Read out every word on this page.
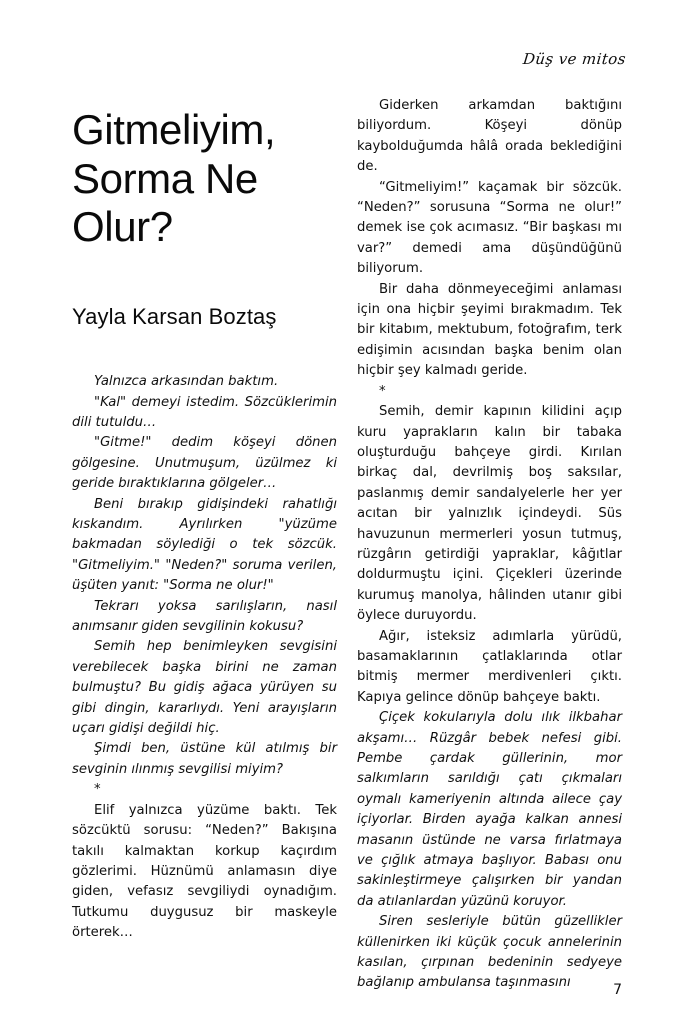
Düş ve mitos
Gitmeliyim,
Sorma Ne
Olur?
Yayla Karsan Boztaş

Yalnızca arkasından baktım.

"Kal" demeyi istedim. Sözcüklerimin dili tutuldu…

"Gitme!" dedim köşeyi dönen gölgesine. Unutmuşum, üzülmez ki geride bıraktıklarına gölgeler…

Beni bırakıp gidişindeki rahatlığı kıskandım. Ayrılırken "yüzüme bakmadan söylediği o tek sözcük. "Gitmeliyim." "Neden?" soruma verilen, üşüten yanıt: "Sorma ne olur!"

Tekrarı yoksa sarılışların, nasıl anımsanır giden sevgilinin kokusu?

Semih hep benimleyken sevgisini verebilecek başka birini ne zaman bulmuştu? Bu gidiş ağaca yürüyen su gibi dingin, kararlıydı. Yeni arayışların uçarı gidişi değildi hiç.

Şimdi ben, üstüne kül atılmış bir sevginin ılınmış sevgilisi miyim?

*

Elif yalnızca yüzüme baktı. Tek sözcüktü sorusu: “Neden?” Bakışına takılı kalmaktan korkup kaçırdım gözlerimi. Hüznümü anlamasın diye giden, vefasız sevgiliydi oynadığım. Tutkumu duygusuz bir maskeyle örterek…

Giderken arkamdan baktığını biliyordum. Köşeyi dönüp kaybolduğumda hâlâ orada beklediğini de.

“Gitmeliyim!” kaçamak bir sözcük. “Neden?” sorusuna “Sorma ne olur!” demek ise çok acımasız. “Bir başkası mı var?” demedi ama düşündüğünü biliyorum.

Bir daha dönmeyeceğimi anlaması için ona hiçbir şeyimi bırakmadım. Tek bir kitabım, mektubum, fotoğrafım, terk edişimin acısından başka benim olan hiçbir şey kalmadı geride.

*

Semih, demir kapının kilidini açıp kuru yaprakların kalın bir tabaka oluşturduğu bahçeye girdi. Kırılan birkaç dal, devrilmiş boş saksılar, paslanmış demir sandalyelerle her yer acıtan bir yalnızlık içindeydi. Süs havuzunun mermerleri yosun tutmuş, rüzgârın getirdiği yapraklar, kâğıtlar doldurmuştu içini. Çiçekleri üzerinde kurumuş manolya, hâlinden utanır gibi öylece duruyordu.

Ağır, isteksiz adımlarla yürüdü, basamaklarının çatlaklarında otlar bitmiş mermer merdivenleri çıktı. Kapıya gelince dönüp bahçeye baktı.

Çiçek kokularıyla dolu ılık ilkbahar akşamı… Rüzgâr bebek nefesi gibi. Pembe çardak güllerinin, mor salkımların sarıldığı çatı çıkmaları oymalı kameriyenin altında ailece çay içiyorlar. Birden ayağa kalkan annesi masanın üstünde ne varsa fırlatmaya ve çığlık atmaya başlıyor. Babası onu sakinleştirmeye çalışırken bir yandan da atılanlardan yüzünü koruyor.

Siren sesleriyle bütün güzellikler küllenirken iki küçük çocuk annelerinin kasılan, çırpınan bedeninin sedyeye bağlanıp ambulansa taşınmasını	7
